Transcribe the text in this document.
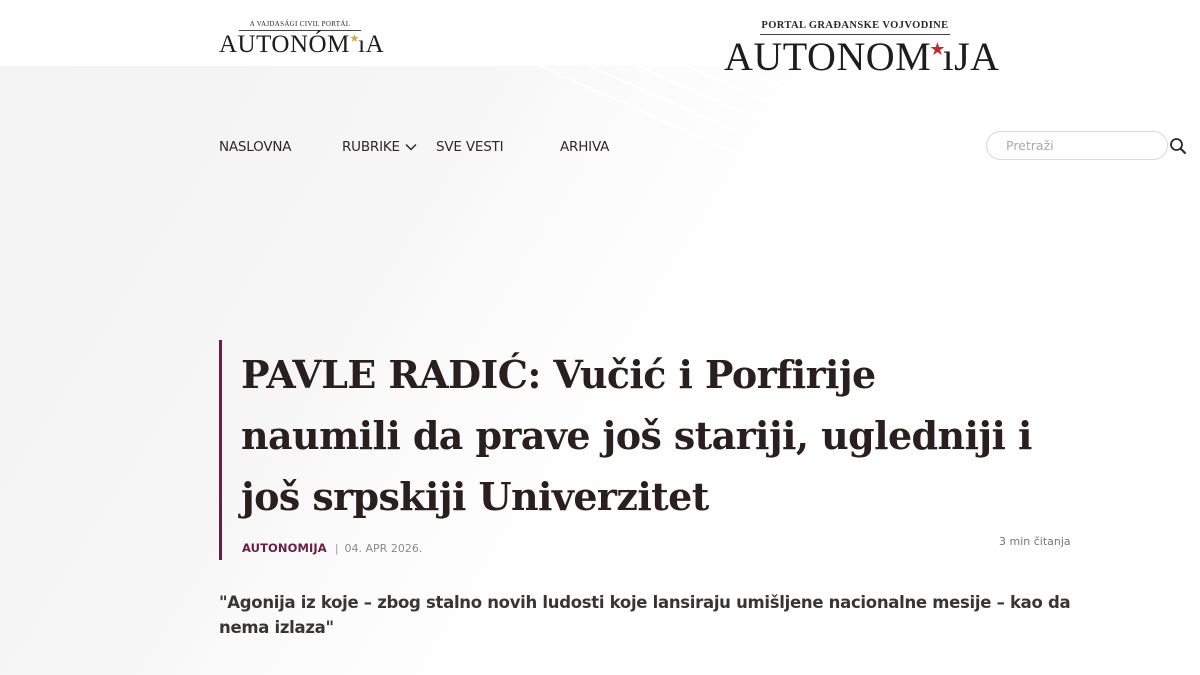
A VAJDASÁGI CIVIL PORTÁL
AUTONÓM★ıA
PORTAL GRAĐANSKE VOJVODINE
AUTONOM★ıJA
NASLOVNA	RUBRIKE	SVE VESTI	ARHIVA
Pretraži
PAVLE RADIĆ: Vučić i Porfirije naumili da prave još stariji, ugledniji i još srpskiji Univerzitet
AUTONOMIJA | 04. APR 2026.	3 min čitanja

"Agonija iz koje – zbog stalno novih ludosti koje lansiraju umišljene nacionalne mesije – kao da nema izlaza"
